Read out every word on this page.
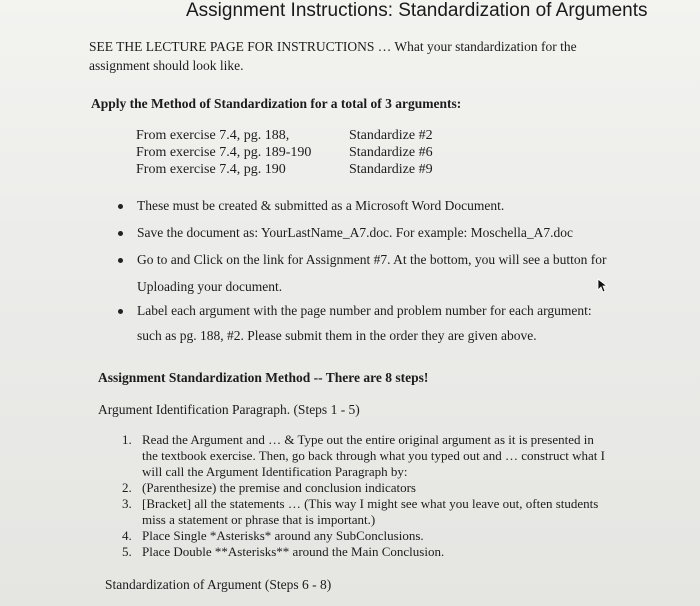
Assignment Instructions: Standardization of Arguments
SEE THE LECTURE PAGE FOR INSTRUCTIONS … What your standardization for the
assignment should look like.
Apply the Method of Standardization for a total of 3 arguments:
From exercise 7.4, pg. 188,	Standardize #2
From exercise 7.4, pg. 189-190	Standardize #6
From exercise 7.4, pg. 190	Standardize #9
These must be created & submitted as a Microsoft Word Document.
Save the document as: YourLastName_A7.doc. For example: Moschella_A7.doc
Go to and Click on the link for Assignment #7. At the bottom, you will see a button for
Uploading your document.
Label each argument with the page number and problem number for each argument:
such as pg. 188, #2. Please submit them in the order they are given above.
Assignment Standardization Method -- There are 8 steps!
Argument Identification Paragraph. (Steps 1 - 5)
1. Read the Argument and … & Type out the entire original argument as it is presented in
the textbook exercise. Then, go back through what you typed out and … construct what I
will call the Argument Identification Paragraph by:
2. (Parenthesize) the premise and conclusion indicators
3. [Bracket] all the statements … (This way I might see what you leave out, often students
miss a statement or phrase that is important.)
4. Place Single *Asterisks* around any SubConclusions.
5. Place Double **Asterisks** around the Main Conclusion.
Standardization of Argument (Steps 6 - 8)
